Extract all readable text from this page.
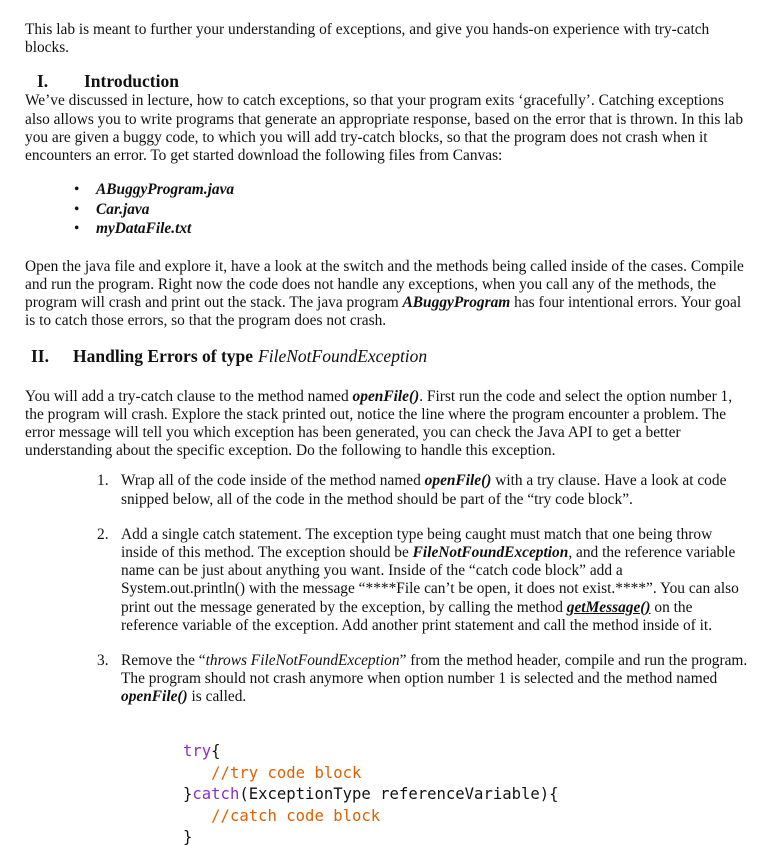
This lab is meant to further your understanding of exceptions, and give you hands-on experience with try-catch blocks.

I.	Introduction

We’ve discussed in lecture, how to catch exceptions, so that your program exits ‘gracefully’. Catching exceptions also allows you to write programs that generate an appropriate response, based on the error that is thrown. In this lab you are given a buggy code, to which you will add try-catch blocks, so that the program does not crash when it encounters an error. To get started download the following files from Canvas:

• ABuggyProgram.java
• Car.java
• myDataFile.txt

Open the java file and explore it, have a look at the switch and the methods being called inside of the cases. Compile and run the program. Right now the code does not handle any exceptions, when you call any of the methods, the program will crash and print out the stack. The java program ABuggyProgram has four intentional errors. Your goal is to catch those errors, so that the program does not crash.

II.	Handling Errors of type FileNotFoundException

You will add a try-catch clause to the method named openFile(). First run the code and select the option number 1, the program will crash. Explore the stack printed out, notice the line where the program encounter a problem. The error message will tell you which exception has been generated, you can check the Java API to get a better understanding about the specific exception. Do the following to handle this exception.

1. Wrap all of the code inside of the method named openFile() with a try clause. Have a look at code snipped below, all of the code in the method should be part of the “try code block”.
2. Add a single catch statement. The exception type being caught must match that one being throw inside of this method. The exception should be FileNotFoundException, and the reference variable name can be just about anything you want. Inside of the “catch code block” add a System.out.println() with the message “****File can’t be open, it does not exist.****”. You can also print out the message generated by the exception, by calling the method getMessage() on the reference variable of the exception. Add another print statement and call the method inside of it.
3. Remove the “throws FileNotFoundException” from the method header, compile and run the program. The program should not crash anymore when option number 1 is selected and the method named openFile() is called.
try{
//try code block
}catch(ExceptionType referenceVariable){
//catch code block
}
